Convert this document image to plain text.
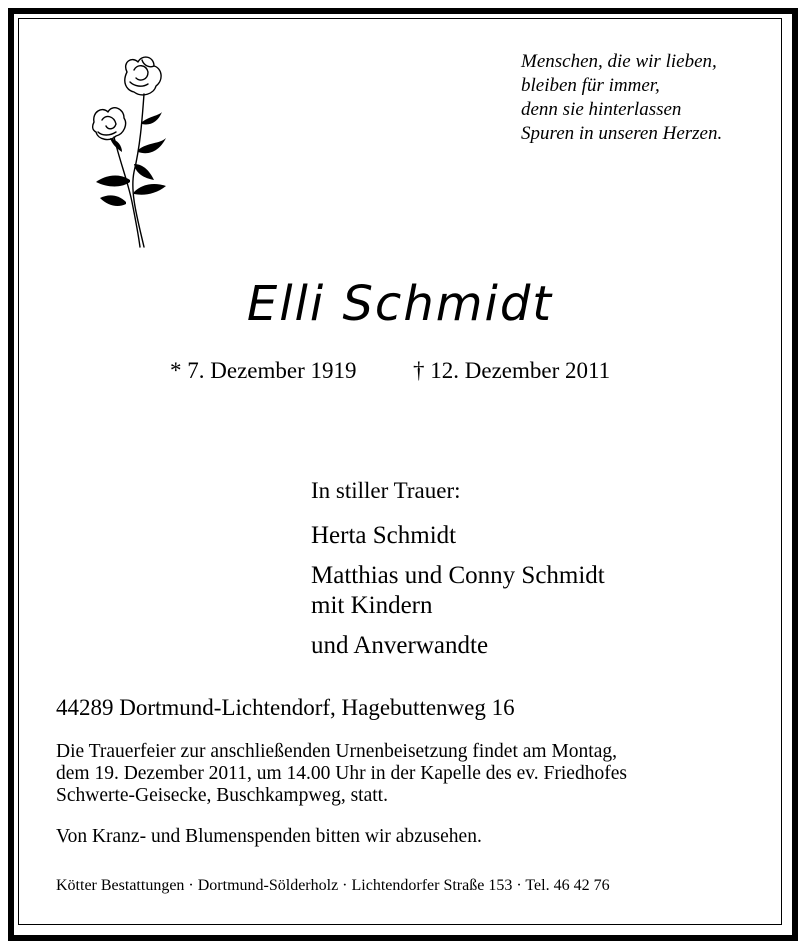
Menschen, die wir lieben,
bleiben für immer,
denn sie hinterlassen
Spuren in unseren Herzen.
Elli Schmidt
* 7. Dezember 1919 † 12. Dezember 2011
In stiller Trauer:
Herta Schmidt
Matthias und Conny Schmidt
mit Kindern
und Anverwandte
44289 Dortmund-Lichtendorf, Hagebuttenweg 16
Die Trauerfeier zur anschließenden Urnenbeisetzung findet am Montag,
dem 19. Dezember 2011, um 14.00 Uhr in der Kapelle des ev. Friedhofes
Schwerte-Geisecke, Buschkampweg, statt.
Von Kranz- und Blumenspenden bitten wir abzusehen.
Kötter Bestattungen · Dortmund-Sölderholz · Lichtendorfer Straße 153 · Tel. 46 42 76
